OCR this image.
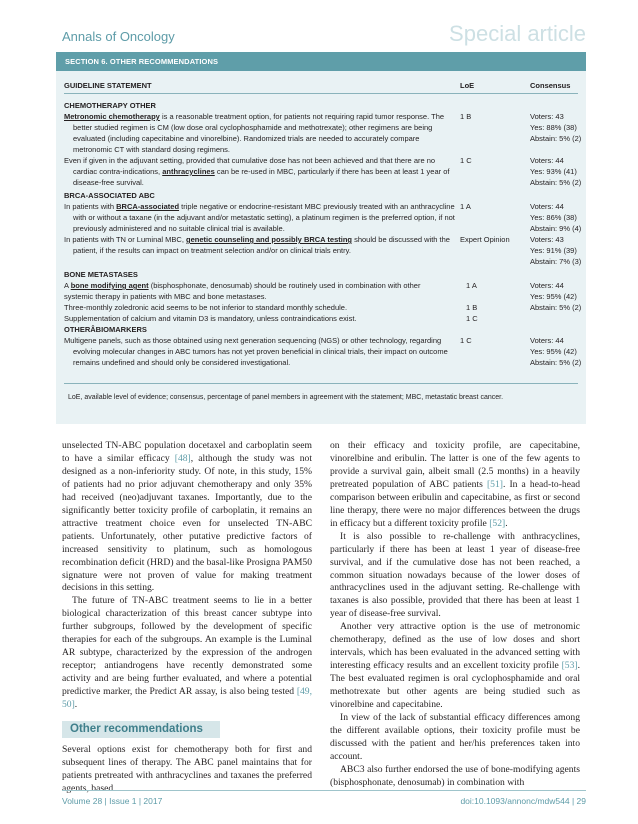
Annals of Oncology	Special article
SECTION 6. OTHER RECOMMENDATIONS
GUIDELINE STATEMENT	LoE	Consensus
CHEMOTHERAPY OTHER
Metronomic chemotherapy is a reasonable treatment option, for patients not requiring rapid tumor response. The better studied regimen is CM (low dose oral cyclophosphamide and methotrexate); other regimens are being evaluated (including capecitabine and vinorelbine). Randomized trials are needed to accurately compare metronomic CT with standard dosing regimens.
1 B	Voters: 43
Yes: 88% (38)
Abstain: 5% (2)
Even if given in the adjuvant setting, provided that cumulative dose has not been achieved and that there are no cardiac contra-indications, anthracyclines can be re-used in MBC, particularly if there has been at least 1 year of disease-free survival.
1 C	Voters: 44
Yes: 93% (41)
Abstain: 5% (2)
BRCA-ASSOCIATED ABC
In patients with BRCA-associated triple negative or endocrine-resistant MBC previously treated with an anthracycline with or without a taxane (in the adjuvant and/or metastatic setting), a platinum regimen is the preferred option, if not previously administered and no suitable clinical trial is available.
1 A	Voters: 44
Yes: 86% (38)
Abstain: 9% (4)
In patients with TN or Luminal MBC, genetic counseling and possibly BRCA testing should be discussed with the patient, if the results can impact on treatment selection and/or on clinical trials entry.
Expert Opinion	Voters: 43
Yes: 91% (39)
Abstain: 7% (3)
BONE METASTASES
A bone modifying agent (bisphosphonate, denosumab) should be routinely used in combination with other systemic therapy in patients with MBC and bone metastases.
1 A	Voters: 44
Yes: 95% (42)
Abstain: 5% (2)
Three-monthly zoledronic acid seems to be not inferior to standard monthly schedule.	1 B
Supplementation of calcium and vitamin D3 is mandatory, unless contraindications exist.	1 C
OTHERÂBIOMARKERS
Multigene panels, such as those obtained using next generation sequencing (NGS) or other technology, regarding evolving molecular changes in ABC tumors has not yet proven beneficial in clinical trials, their impact on outcome remains undefined and should only be considered investigational.
1 C	Voters: 44
Yes: 95% (42)
Abstain: 5% (2)
LoE, available level of evidence; consensus, percentage of panel members in agreement with the statement; MBC, metastatic breast cancer.

unselected TN-ABC population docetaxel and carboplatin seem to have a similar efficacy [48], although the study was not designed as a non-inferiority study. Of note, in this study, 15% of patients had no prior adjuvant chemotherapy and only 35% had received (neo)adjuvant taxanes. Importantly, due to the significantly better toxicity profile of carboplatin, it remains an attractive treatment choice even for unselected TN-ABC patients. Unfortunately, other putative predictive factors of increased sensitivity to platinum, such as homologous recombination deficit (HRD) and the basal-like Prosigna PAM50 signature were not proven of value for making treatment decisions in this setting.

The future of TN-ABC treatment seems to lie in a better biological characterization of this breast cancer subtype into further subgroups, followed by the development of specific therapies for each of the subgroups. An example is the Luminal AR subtype, characterized by the expression of the androgen receptor; antiandrogens have recently demonstrated some activity and are being further evaluated, and where a potential predictive marker, the Predict AR assay, is also being tested [49, 50].

Other recommendations

Several options exist for chemotherapy both for first and subsequent lines of therapy. The ABC panel maintains that for patients pretreated with anthracyclines and taxanes the preferred agents, based

on their efficacy and toxicity profile, are capecitabine, vinorelbine and eribulin. The latter is one of the few agents to provide a survival gain, albeit small (2.5 months) in a heavily pretreated population of ABC patients [51]. In a head-to-head comparison between eribulin and capecitabine, as first or second line therapy, there were no major differences between the drugs in efficacy but a different toxicity profile [52].

It is also possible to re-challenge with anthracyclines, particularly if there has been at least 1 year of disease-free survival, and if the cumulative dose has not been reached, a common situation nowadays because of the lower doses of anthracyclines used in the adjuvant setting. Re-challenge with taxanes is also possible, provided that there has been at least 1 year of disease-free survival.

Another very attractive option is the use of metronomic chemotherapy, defined as the use of low doses and short intervals, which has been evaluated in the advanced setting with interesting efficacy results and an excellent toxicity profile [53]. The best evaluated regimen is oral cyclophosphamide and oral methotrexate but other agents are being studied such as vinorelbine and capecitabine.

In view of the lack of substantial efficacy differences among the different available options, their toxicity profile must be discussed with the patient and her/his preferences taken into account.

ABC3 also further endorsed the use of bone-modifying agents (bisphosphonate, denosumab) in combination with

Volume 28 | Issue 1 | 2017	doi:10.1093/annonc/mdw544 | 29
